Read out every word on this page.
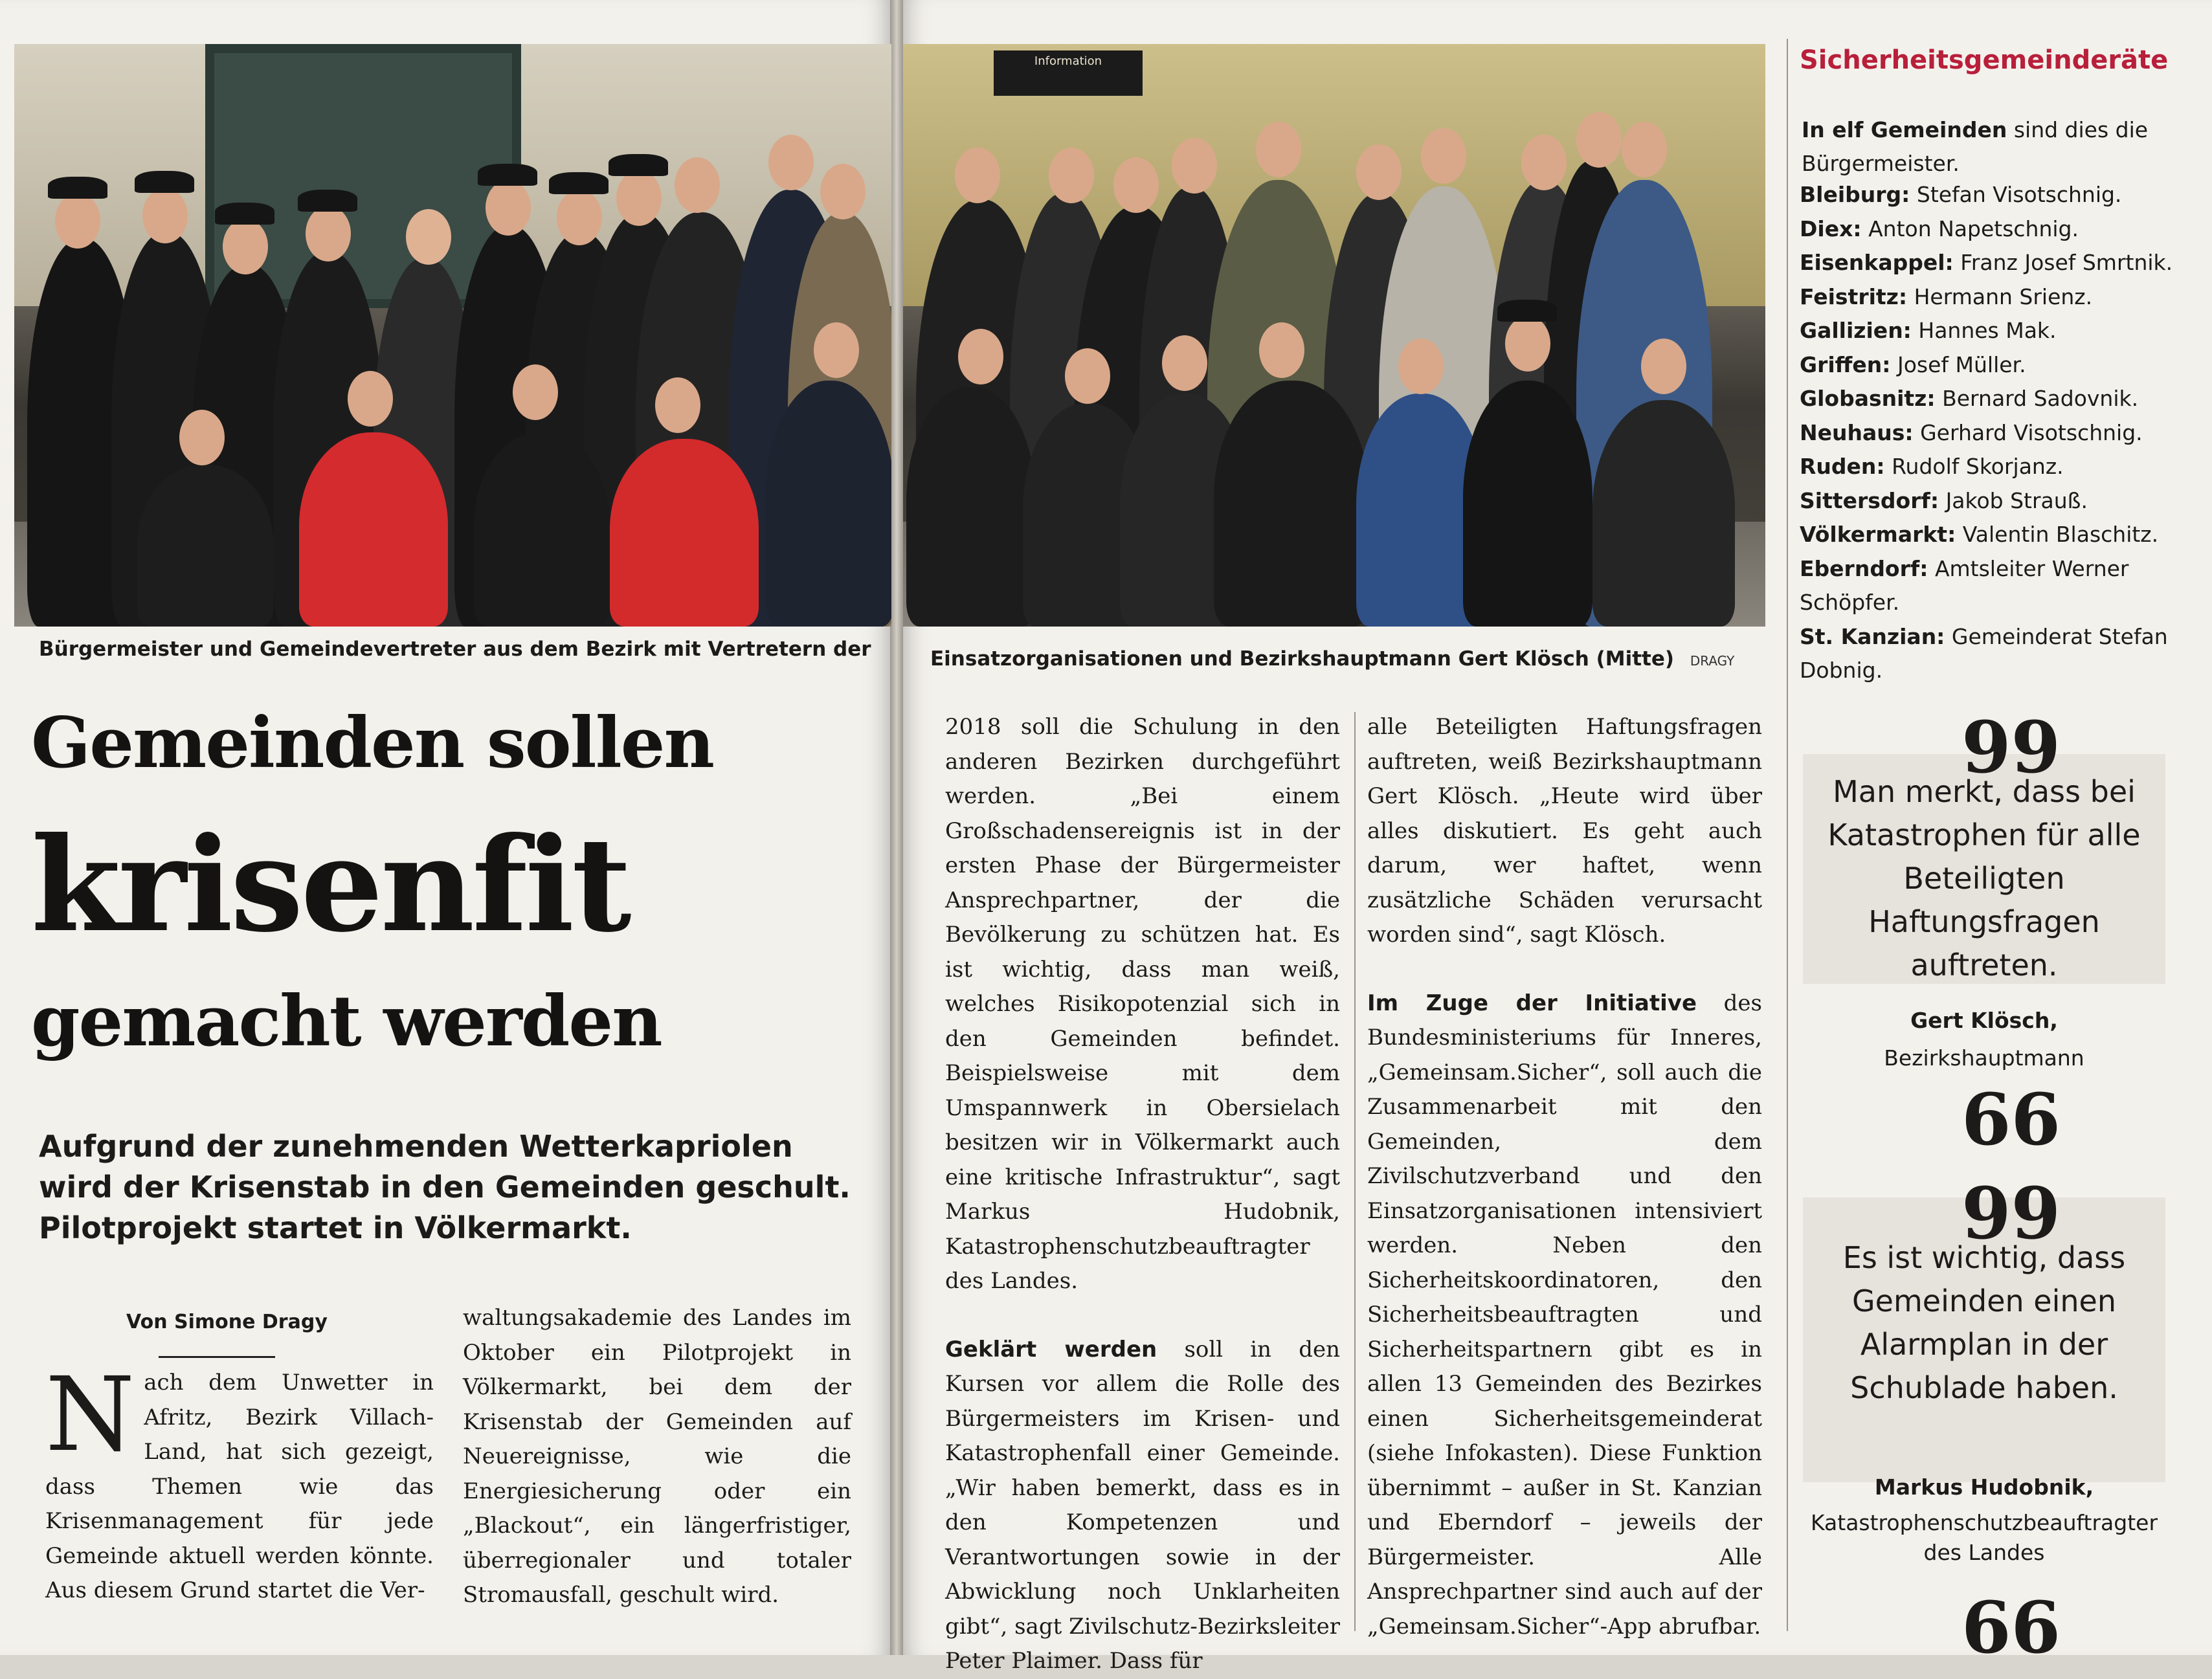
Information
Bürgermeister und Gemeindevertreter aus dem Bezirk mit Vertretern der	Einsatzorganisationen und Bezirkshauptmann Gert Klösch (Mitte) DRAGY
Gemeinden sollen
krisenfit
gemacht werden
Aufgrund der zunehmenden Wetterkapriolen wird der Krisenstab in den Gemeinden geschult. Pilotprojekt startet in Völkermarkt.
Von Simone Dragy
Nach dem Unwetter in Afritz, Bezirk Villach-Land, hat sich gezeigt, dass Themen wie das Krisenmanagement für jede Gemeinde aktuell werden könnte. Aus diesem Grund startet die Ver-

waltungsakademie des Landes im Oktober ein Pilotprojekt in Völkermarkt, bei dem der Krisenstab der Gemeinden auf Neuereignisse, wie die Energiesicherung oder ein „Blackout“, ein längerfristiger, überregionaler und totaler Stromausfall, geschult wird.

2018 soll die Schulung in den anderen Bezirken durchgeführt werden. „Bei einem Großschadensereignis ist in der ersten Phase der Bürgermeister Ansprechpartner, der die Bevölkerung zu schützen hat. Es ist wichtig, dass man weiß, welches Risikopotenzial sich in den Gemeinden befindet. Beispielsweise mit dem Umspannwerk in Obersielach besitzen wir in Völkermarkt auch eine kritische Infrastruktur“, sagt Markus Hudobnik, Katastrophenschutzbeauftragter des Landes.

Geklärt werden soll in den Kursen vor allem die Rolle des Bürgermeisters im Krisen- und Katastrophenfall einer Gemeinde. „Wir haben bemerkt, dass es in den Kompetenzen und Verantwortungen sowie in der Abwicklung noch Unklarheiten gibt“, sagt Zivilschutz-Bezirksleiter Peter Plaimer. Dass für

alle Beteiligten Haftungsfragen auftreten, weiß Bezirkshauptmann Gert Klösch. „Heute wird über alles diskutiert. Es geht auch darum, wer haftet, wenn zusätzliche Schäden verursacht worden sind“, sagt Klösch.

Im Zuge der Initiative des Bundesministeriums für Inneres, „Gemeinsam.Sicher“, soll auch die Zusammenarbeit mit den Gemeinden, dem Zivilschutzverband und den Einsatzorganisationen intensiviert werden. Neben den Sicherheitskoordinatoren, den Sicherheitsbeauftragten und Sicherheitspartnern gibt es in allen 13 Gemeinden des Bezirkes einen Sicherheitsgemeinderat (siehe Infokasten). Diese Funktion übernimmt – außer in St. Kanzian und Eberndorf – jeweils der Bürgermeister. Alle Ansprechpartner sind auch auf der „Gemeinsam.Sicher“-App abrufbar.

Sicherheitsgemeinderäte
In elf Gemeinden sind dies die Bürgermeister.
Bleiburg: Stefan Visotschnig.
Diex: Anton Napetschnig.
Eisenkappel: Franz Josef Smrtnik.
Feistritz: Hermann Srienz.
Gallizien: Hannes Mak.
Griffen: Josef Müller.
Globasnitz: Bernard Sadovnik.
Neuhaus: Gerhard Visotschnig.
Ruden: Rudolf Skorjanz.
Sittersdorf: Jakob Strauß.
Völkermarkt: Valentin Blaschitz.
Eberndorf: Amtsleiter Werner Schöpfer.
St. Kanzian: Gemeinderat Stefan Dobnig.
99
Man merkt, dass bei Katastrophen für alle Beteiligten Haftungsfragen auftreten.
Gert Klösch,
Bezirkshauptmann
66
99
Es ist wichtig, dass Gemeinden einen Alarmplan in der Schublade haben.
Markus Hudobnik,
Katastrophenschutzbeauftragter des Landes
66
